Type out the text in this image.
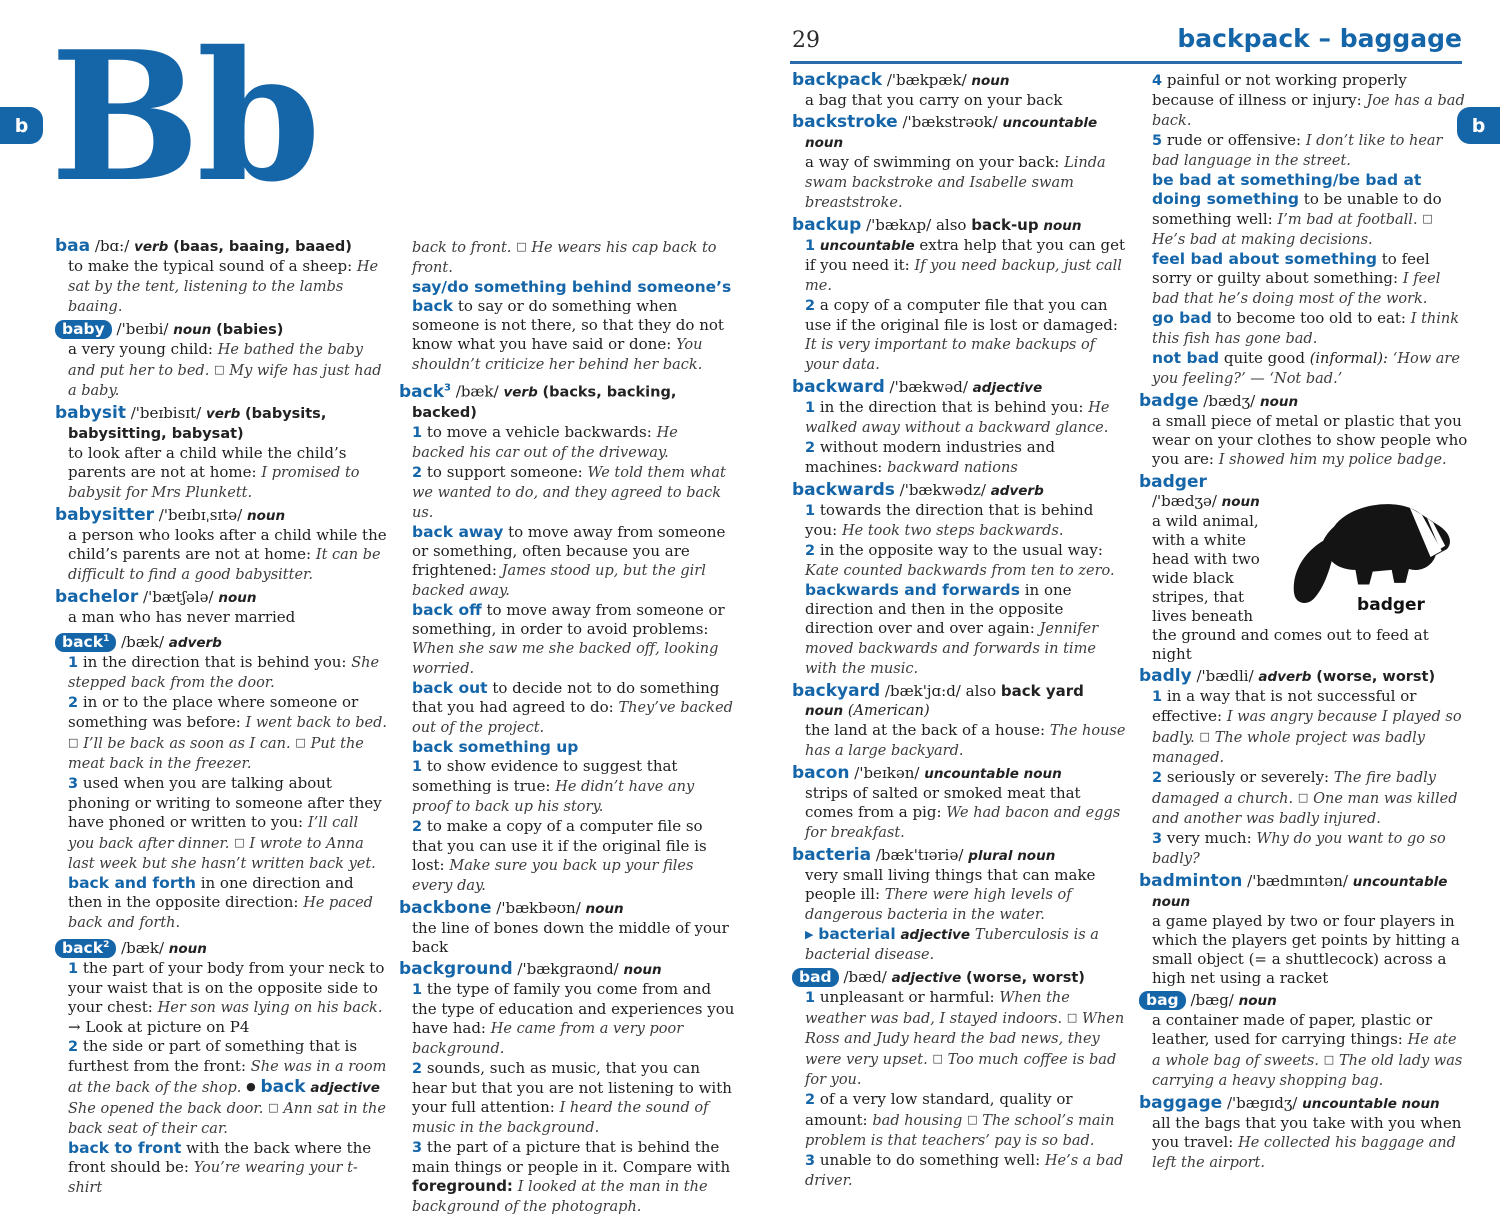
Bb
b	b
29	backpack – baggage

baa /bɑ:/ verb (baas, baaing, baaed)

to make the typical sound of a sheep: He sat by the tent, listening to the lambs baaing.

baby /'beɪbi/ noun (babies)

a very young child: He bathed the baby and put her to bed. □ My wife has just had a baby.

babysit /'beɪbisɪt/ verb (babysits, babysitting, babysat)

to look after a child while the child’s parents are not at home: I promised to babysit for Mrs Plunkett.

babysitter /'beɪbɪˌsɪtə/ noun

a person who looks after a child while the child’s parents are not at home: It can be difficult to find a good babysitter.

bachelor /'bætʃələ/ noun

a man who has never married

back$^1$ /bæk/ adverb

1 in the direction that is behind you: She stepped back from the door.

2 in or to the place where someone or something was before: I went back to bed. □ I’ll be back as soon as I can. □ Put the meat back in the freezer.

3 used when you are talking about phoning or writing to someone after they have phoned or written to you: I’ll call you back after dinner. □ I wrote to Anna last week but she hasn’t written back yet.

back and forth in one direction and then in the opposite direction: He paced back and forth.

back$^2$ /bæk/ noun

1 the part of your body from your neck to your waist that is on the opposite side to your chest: Her son was lying on his back.

→ Look at picture on P4

2 the side or part of something that is furthest from the front: She was in a room at the back of the shop. ● back adjective She opened the back door. □ Ann sat in the back seat of their car.

back to front with the back where the front should be: You’re wearing your t-shirt

back to front. □ He wears his cap back to front.

say/do something behind someone’s back to say or do something when someone is not there, so that they do not know what you have said or done: You shouldn’t criticize her behind her back.

back$^3$ /bæk/ verb (backs, backing, backed)

1 to move a vehicle backwards: He backed his car out of the driveway.

2 to support someone: We told them what we wanted to do, and they agreed to back us.

back away to move away from someone or something, often because you are frightened: James stood up, but the girl backed away.

back off to move away from someone or something, in order to avoid problems: When she saw me she backed off, looking worried.

back out to decide not to do something that you had agreed to do: They’ve backed out of the project.

back something up

1 to show evidence to suggest that something is true: He didn’t have any proof to back up his story.

2 to make a copy of a computer file so that you can use it if the original file is lost: Make sure you back up your files every day.

backbone /'bækbəʊn/ noun

the line of bones down the middle of your back

background /'bækgraʊnd/ noun

1 the type of family you come from and the type of education and experiences you have had: He came from a very poor background.

2 sounds, such as music, that you can hear but that you are not listening to with your full attention: I heard the sound of music in the background.

3 the part of a picture that is behind the main things or people in it. Compare with foreground: I looked at the man in the background of the photograph.

backpack /'bækpæk/ noun

a bag that you carry on your back

backstroke /'bækstrəʊk/ uncountable noun

a way of swimming on your back: Linda swam backstroke and Isabelle swam breaststroke.

backup /'bækʌp/ also back-up noun

1 uncountable extra help that you can get if you need it: If you need backup, just call me.

2 a copy of a computer file that you can use if the original file is lost or damaged: It is very important to make backups of your data.

backward /'bækwəd/ adjective

1 in the direction that is behind you: He walked away without a backward glance.

2 without modern industries and machines: backward nations

backwards /'bækwədz/ adverb

1 towards the direction that is behind you: He took two steps backwards.

2 in the opposite way to the usual way: Kate counted backwards from ten to zero.

backwards and forwards in one direction and then in the opposite direction over and over again: Jennifer moved backwards and forwards in time with the music.

backyard /bæk'jɑ:d/ also back yard

noun (American)

the land at the back of a house: The house has a large backyard.

bacon /'beɪkən/ uncountable noun

strips of salted or smoked meat that comes from a pig: We had bacon and eggs for breakfast.

bacteria /bæk'tɪəriə/ plural noun

very small living things that can make people ill: There were high levels of dangerous bacteria in the water.

▶ bacterial adjective Tuberculosis is a bacterial disease.

bad /bæd/ adjective (worse, worst)

1 unpleasant or harmful: When the weather was bad, I stayed indoors. □ When Ross and Judy heard the bad news, they were very upset. □ Too much coffee is bad for you.

2 of a very low standard, quality or amount: bad housing □ The school’s main problem is that teachers’ pay is so bad.

3 unable to do something well: He’s a bad driver.

4 painful or not working properly because of illness or injury: Joe has a bad back.

5 rude or offensive: I don’t like to hear bad language in the street.

be bad at something/be bad at doing something to be unable to do something well: I’m bad at football. □ He’s bad at making decisions.

feel bad about something to feel sorry or guilty about something: I feel bad that he’s doing most of the work.

go bad to become too old to eat: I think this fish has gone bad.

not bad quite good (informal): ‘How are you feeling?’ — ‘Not bad.’

badge /bædʒ/ noun

a small piece of metal or plastic that you wear on your clothes to show people who you are: I showed him my police badge.

badger

badger /'bædʒə/ noun

a wild animal, with a white head with two wide black stripes, that lives beneath the ground and comes out to feed at night

badly /'bædli/ adverb (worse, worst)

1 in a way that is not successful or effective: I was angry because I played so badly. □ The whole project was badly managed.

2 seriously or severely: The fire badly damaged a church. □ One man was killed and another was badly injured.

3 very much: Why do you want to go so badly?

badminton /'bædmɪntən/ uncountable noun

a game played by two or four players in which the players get points by hitting a small object (= a shuttlecock) across a high net using a racket

bag /bæg/ noun

a container made of paper, plastic or leather, used for carrying things: He ate a whole bag of sweets. □ The old lady was carrying a heavy shopping bag.

baggage /'bægɪdʒ/ uncountable noun

all the bags that you take with you when you travel: He collected his baggage and left the airport.
